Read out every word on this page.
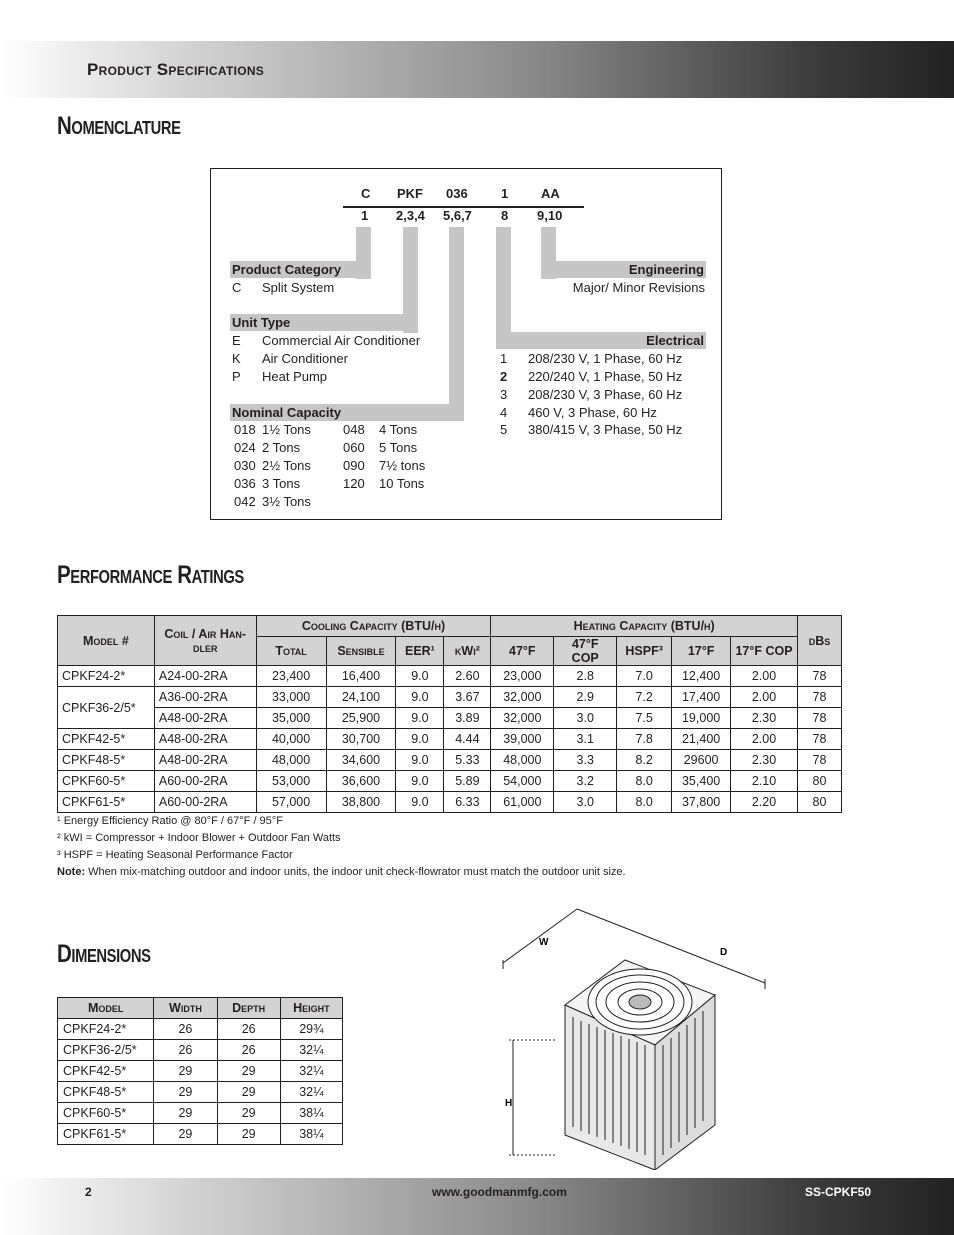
Product Specifications
Nomenclature
C PKF 036	1	AA
1 2,3,4 5,6,7 8 9,10
Product Category
C Split System
Unit Type
E Commercial Air Conditioner
K Air Conditioner
P Heat Pump
Nominal Capacity
018 1½ Tons
024 2 Tons
030 2½ Tons
036 3 Tons
042 3½ Tons
048 4 Tons
060 5 Tons
090 7½ tons
120 10 Tons
Engineering
Major/ Minor Revisions
Electrical
1 208/230 V, 1 Phase, 60 Hz
2 220/240 V, 1 Phase, 50 Hz
3 208/230 V, 3 Phase, 60 Hz
4 460 V, 3 Phase, 60 Hz
5 380/415 V, 3 Phase, 50 Hz
Performance Ratings
Model #	Coil / Air Han-dler	Cooling Capacity (BTU/h)				Heating Capacity (BTU/h)					dBs
		Total	Sensible	EER¹	kWi²	47°F	47°F COP	HSPF³	17°F	17°F COP	
CPKF24-2*	A24-00-2RA	23,400	16,400	9.0	2.60	23,000	2.8	7.0	12,400	2.00	78
CPKF36-2/5*	A36-00-2RA	33,000	24,100	9.0	3.67	32,000	2.9	7.2	17,400	2.00	78
	A48-00-2RA	35,000	25,900	9.0	3.89	32,000	3.0	7.5	19,000	2.30	78
CPKF42-5*	A48-00-2RA	40,000	30,700	9.0	4.44	39,000	3.1	7.8	21,400	2.00	78
CPKF48-5*	A48-00-2RA	48,000	34,600	9.0	5.33	48,000	3.3	8.2	29600	2.30	78
CPKF60-5*	A60-00-2RA	53,000	36,600	9.0	5.89	54,000	3.2	8.0	35,400	2.10	80
CPKF61-5*	A60-00-2RA	57,000	38,800	9.0	6.33	61,000	3.0	8.0	37,800	2.20	80
¹ Energy Efficiency Ratio @ 80°F / 67°F / 95°F
² kWI = Compressor + Indoor Blower + Outdoor Fan Watts
³ HSPF = Heating Seasonal Performance Factor
Note: When mix-matching outdoor and indoor units, the indoor unit check-flowrator must match the outdoor unit size.
Dimensions
Model	Width	Depth	Height
CPKF24-2*	26	26	29¾
CPKF36-2/5*	26	26	32¼
CPKF42-5*	29	29	32¼
CPKF48-5*	29	29	32¼
CPKF60-5*	29	29	38¼
CPKF61-5*	29	29	38¼
W
D
H
2	www.goodmanmfg.com	SS-CPKF50
